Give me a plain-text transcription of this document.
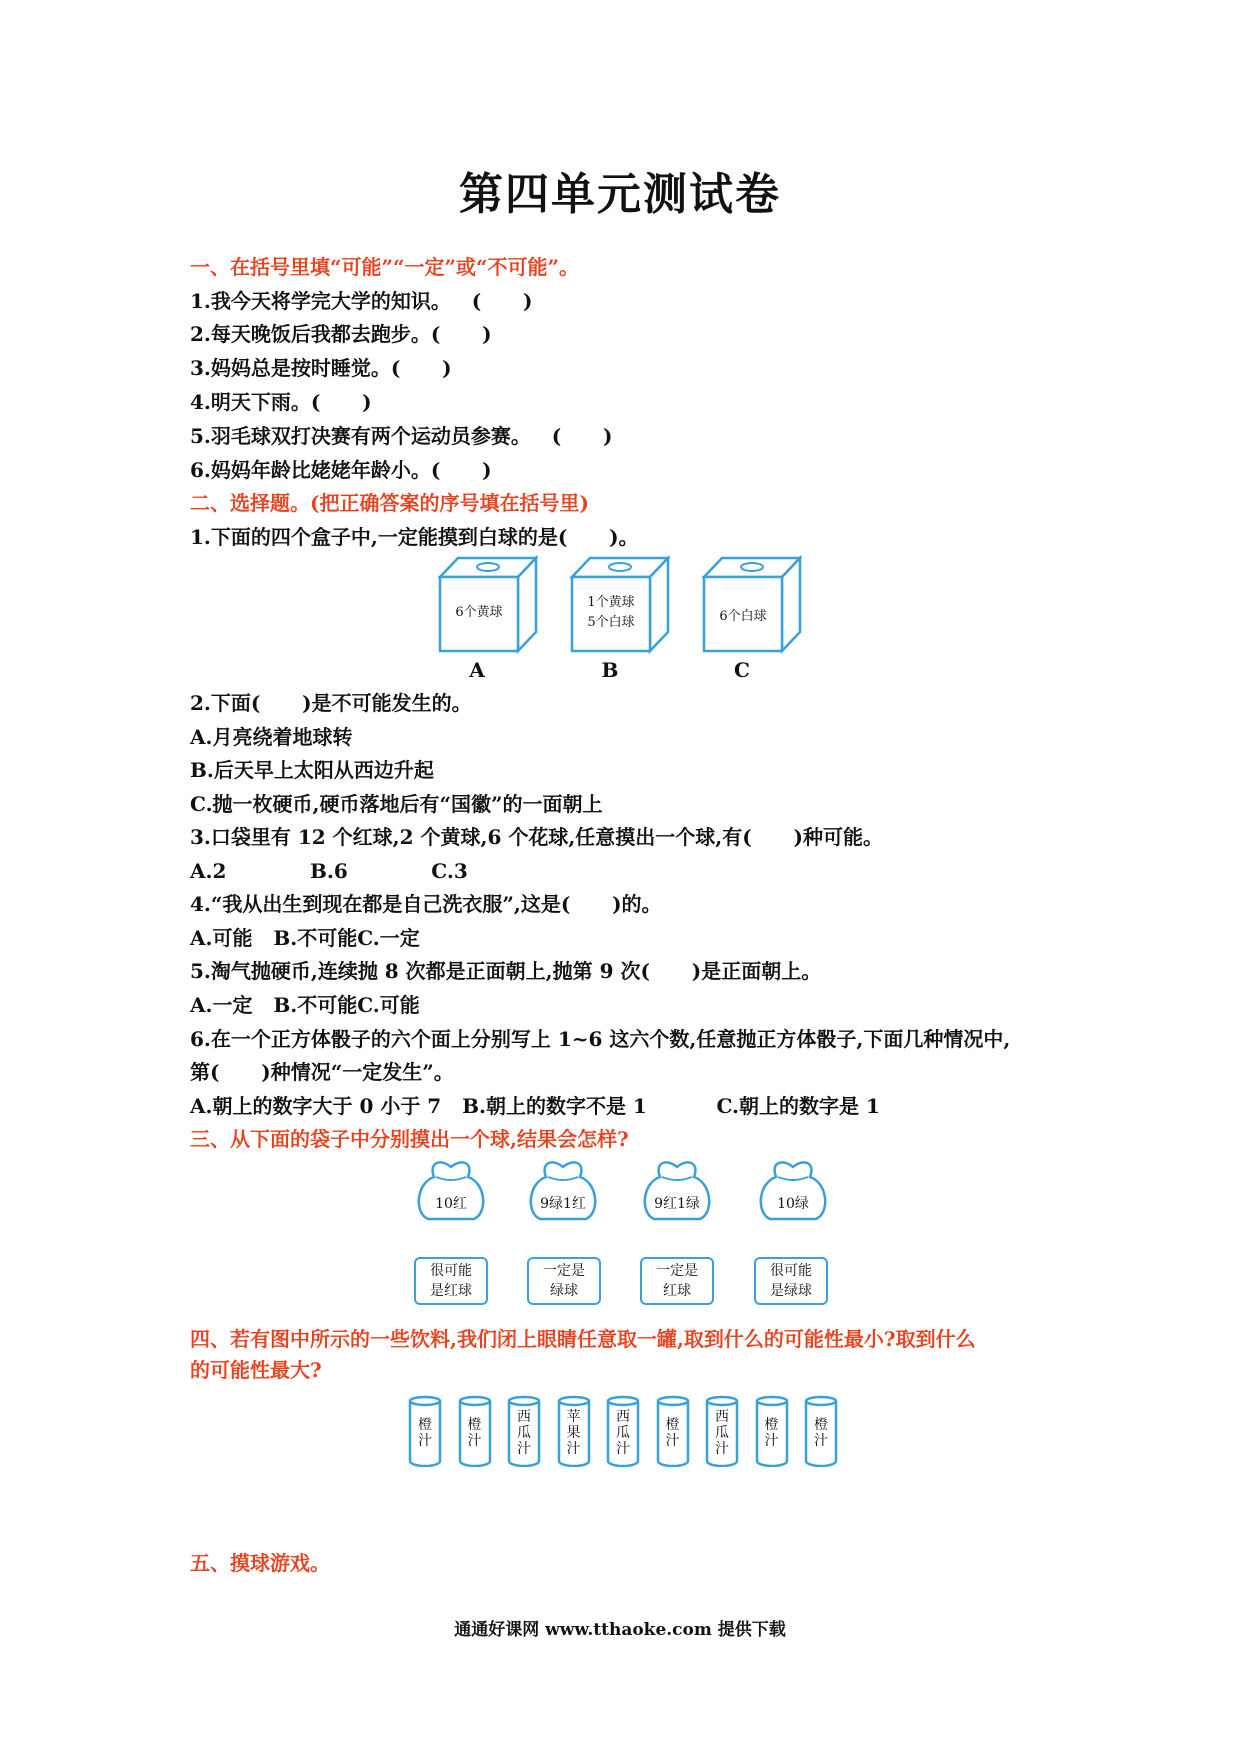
第四单元测试卷
一、在括号里填“可能”“一定”或“不可能”。
1.我今天将学完大学的知识。   (      )
2.每天晚饭后我都去跑步。(      )
3.妈妈总是按时睡觉。(      )
4.明天下雨。(      )
5.羽毛球双打决赛有两个运动员参赛。   (      )
6.妈妈年龄比姥姥年龄小。(      )
二、选择题。(把正确答案的序号填在括号里)
1.下面的四个盒子中,一定能摸到白球的是(      )。
6个黄球
A
1个黄球
5个白球
B
6个白球
C
2.下面(      )是不可能发生的。
A.月亮绕着地球转
B.后天早上太阳从西边升起
C.抛一枚硬币,硬币落地后有“国徽”的一面朝上
3.口袋里有 12 个红球,2 个黄球,6 个花球,任意摸出一个球,有(      )种可能。
A.2            B.6            C.3
4.“我从出生到现在都是自己洗衣服”,这是(      )的。
A.可能   B.不可能C.一定
5.淘气抛硬币,连续抛 8 次都是正面朝上,抛第 9 次(      )是正面朝上。
A.一定   B.不可能C.可能
6.在一个正方体骰子的六个面上分别写上 1~6 这六个数,任意抛正方体骰子,下面几种情况中,
第(      )种情况“一定发生”。
A.朝上的数字大于 0 小于 7   B.朝上的数字不是 1          C.朝上的数字是 1
三、从下面的袋子中分别摸出一个球,结果会怎样?
10红	9绿1红	9红1绿	10绿
很可能
是红球
一定是
绿球
一定是
红球
很可能
是绿球
四、若有图中所示的一些饮料,我们闭上眼睛任意取一罐,取到什么的可能性最小?取到什么
的可能性最大?
橙
汁
橙
汁
西
瓜
汁
苹
果
汁
西
瓜
汁
橙
汁
西
瓜
汁
橙
汁
橙
汁
五、摸球游戏。
通通好课网 www.tthaoke.com 提供下载
